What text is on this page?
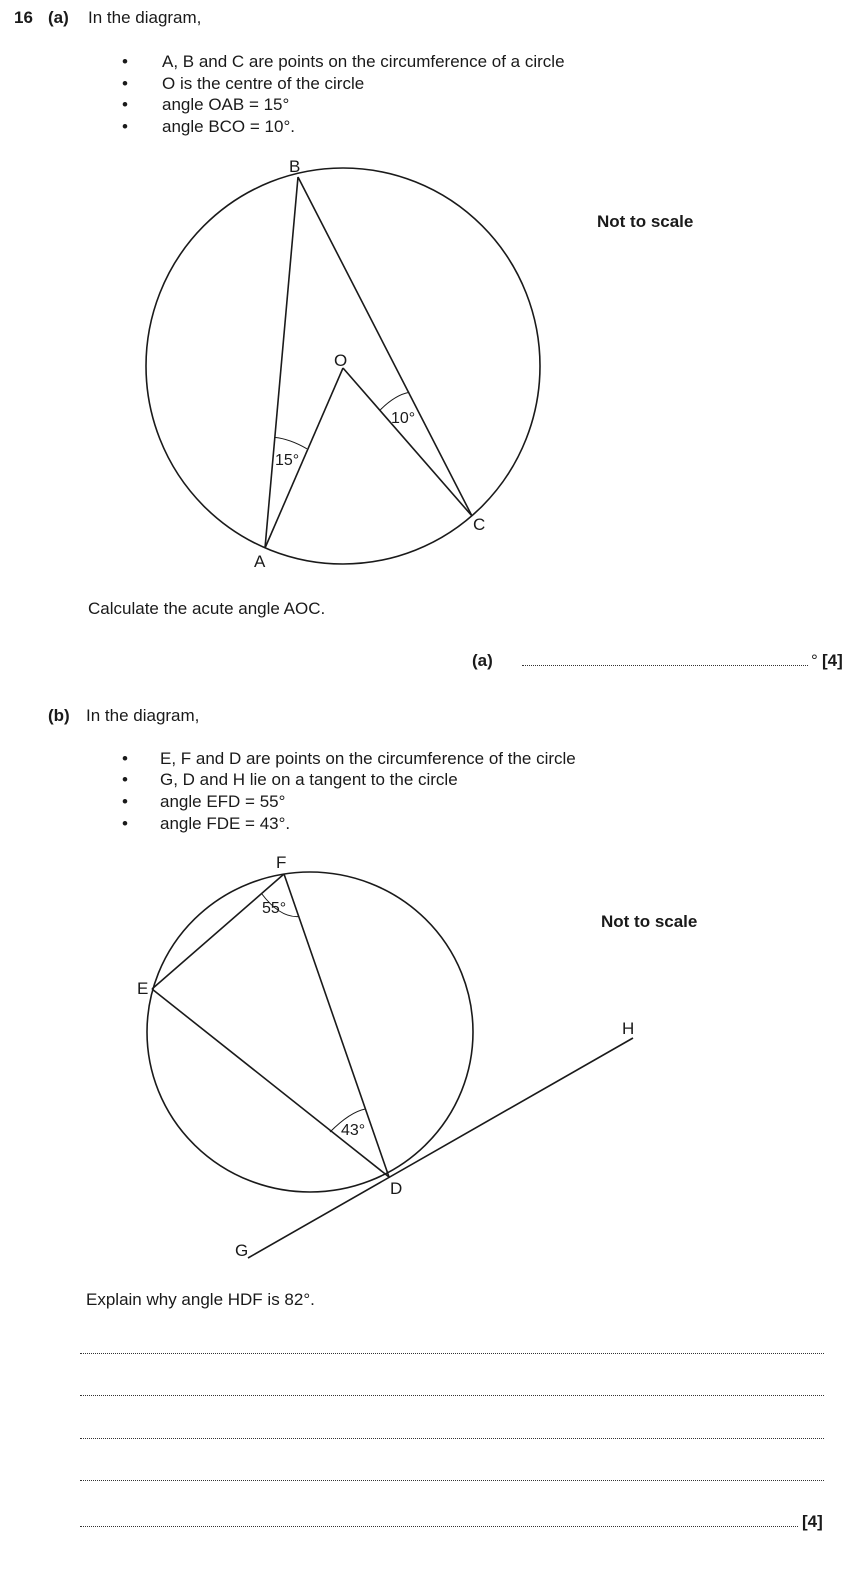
16 (a) In the diagram,
• A, B and C are points on the circumference of a circle
• O is the centre of the circle
• angle OAB = 15°
• angle BCO = 10°.
B
O
A
C
15°
10°
Not to scale
Calculate the acute angle AOC.
(a)	° [4]
(b) In the diagram,
• E, F and D are points on the circumference of the circle
• G, D and H lie on a tangent to the circle
• angle EFD = 55°
• angle FDE = 43°.
F
E
D
G
H
55°
43°
Not to scale
Explain why angle HDF is 82°.
[4]
